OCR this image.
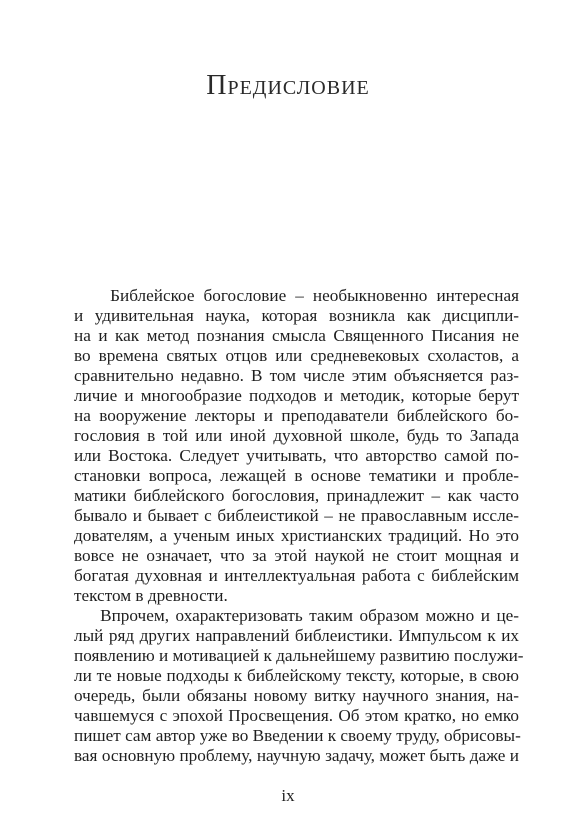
Предисловие
Библейское богословие – необыкновенно интересная
и удивительная наука, которая возникла как дисципли-
на и как метод познания смысла Священного Писания не
во времена святых отцов или средневековых схоластов, а
сравнительно недавно. В том числе этим объясняется раз-
личие и многообразие подходов и методик, которые берут
на вооружение лекторы и преподаватели библейского бо-
гословия в той или иной духовной школе, будь то Запада
или Востока. Следует учитывать, что авторство самой по-
становки вопроса, лежащей в основе тематики и пробле-
матики библейского богословия, принадлежит – как часто
бывало и бывает с библеистикой – не православным иссле-
дователям, а ученым иных христианских традиций. Но это
вовсе не означает, что за этой наукой не стоит мощная и
богатая духовная и интеллектуальная работа с библейским
текстом в древности.
Впрочем, охарактеризовать таким образом можно и це-
лый ряд других направлений библеистики. Импульсом к их
появлению и мотивацией к дальнейшему развитию послужи-
ли те новые подходы к библейскому тексту, которые, в свою
очередь, были обязаны новому витку научного знания, на-
чавшемуся с эпохой Просвещения. Об этом кратко, но емко
пишет сам автор уже во Введении к своему труду, обрисовы-
вая основную проблему, научную задачу, может быть даже и
ix
